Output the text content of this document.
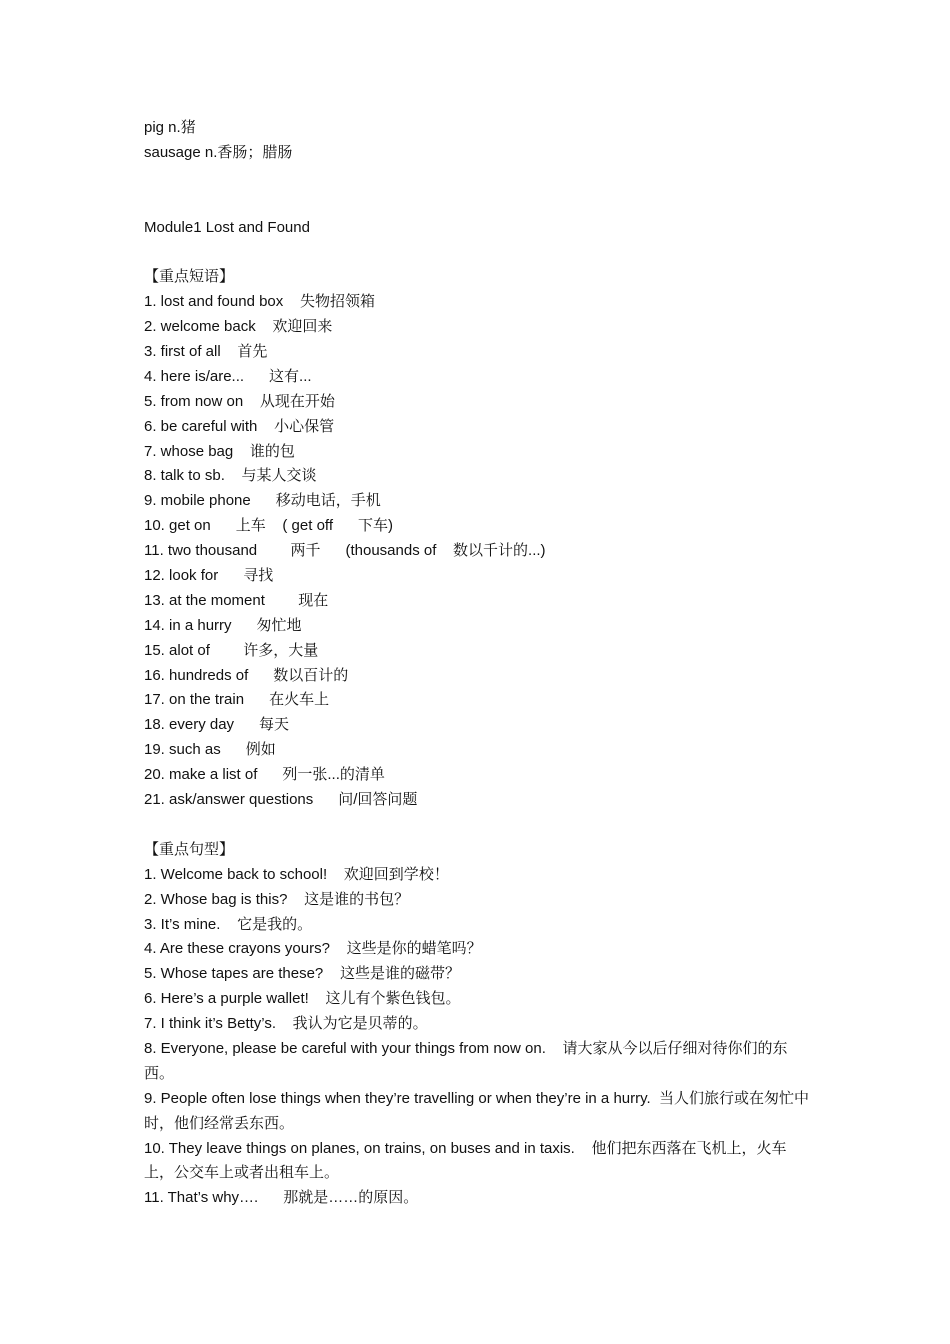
pig n.猪

sausage n.香肠；腊肠

Module1 Lost and Found

【重点短语】

1. lost and found box    失物招领箱

2. welcome back    欢迎回来

3. first of all    首先

4. here is/are...      这有...

5. from now on    从现在开始

6. be careful with    小心保管

7. whose bag    谁的包

8. talk to sb.    与某人交谈

9. mobile phone      移动电话，手机

10. get on      上车    ( get off      下车)

11. two thousand        两千      (thousands of    数以千计的...)

12. look for      寻找

13. at the moment        现在

14. in a hurry      匆忙地

15. alot of        许多，大量

16. hundreds of      数以百计的

17. on the train      在火车上

18. every day      每天

19. such as      例如

20. make a list of      列一张...的清单

21. ask/answer questions      问/回答问题

【重点句型】

1. Welcome back to school!    欢迎回到学校！

2. Whose bag is this?    这是谁的书包？

3. It’s mine.    它是我的。

4. Are these crayons yours?    这些是你的蜡笔吗？

5. Whose tapes are these?    这些是谁的磁带？

6. Here’s a purple wallet!    这儿有个紫色钱包。

7. I think it’s Betty’s.    我认为它是贝蒂的。

8. Everyone, please be careful with your things from now on.    请大家从今以后仔细对待你们的东西。

9. People often lose things when they’re travelling or when they’re in a hurry.  当人们旅行或在匆忙中时，他们经常丢东西。

10. They leave things on planes, on trains, on buses and in taxis.    他们把东西落在飞机上，火车上，公交车上或者出租车上。

11. That’s why….      那就是……的原因。
